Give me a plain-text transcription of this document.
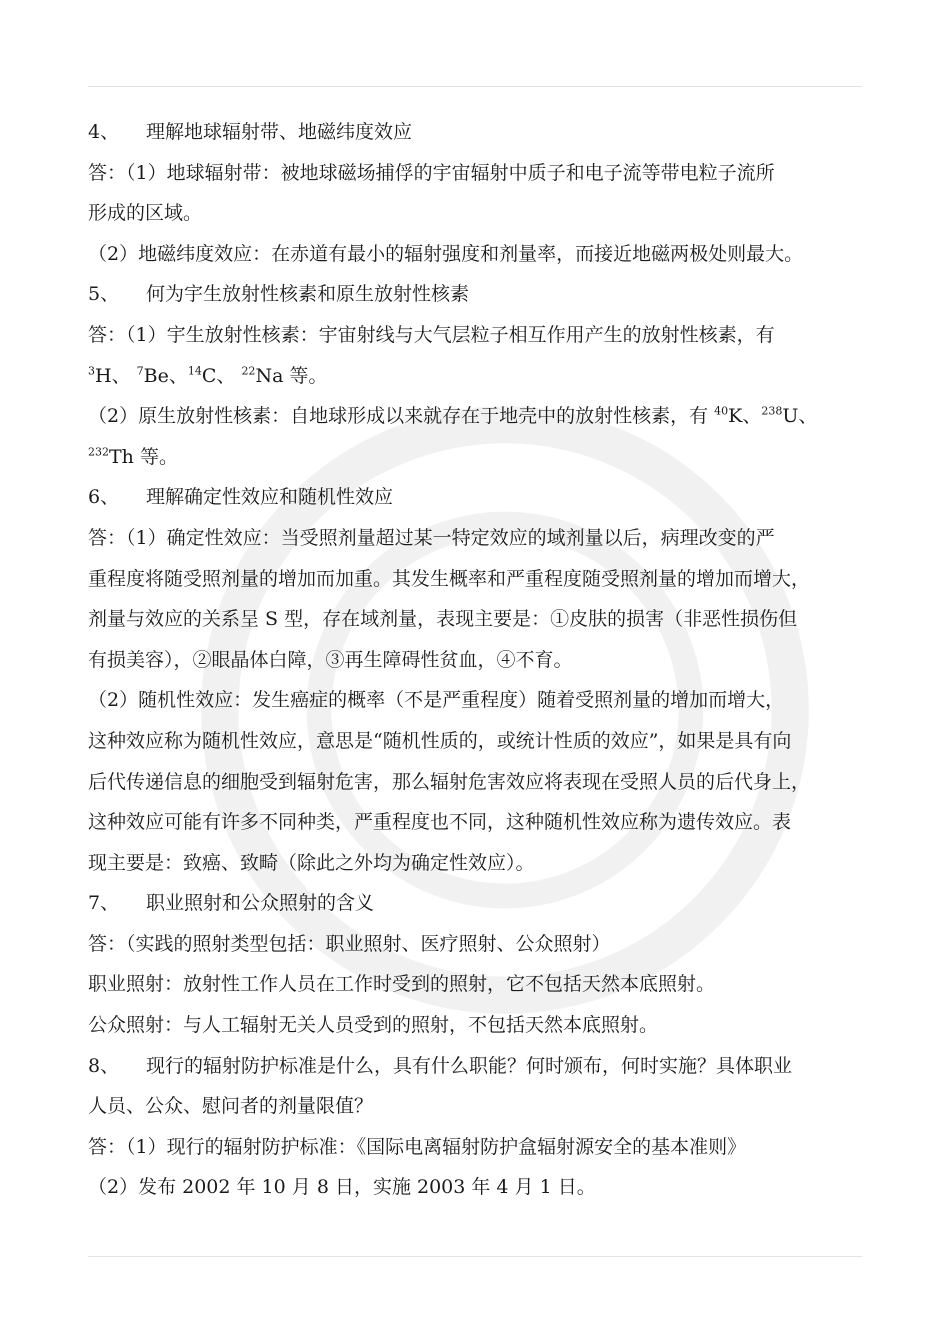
4、 理解地球辐射带、地磁纬度效应
答：（1）地球辐射带：被地球磁场捕俘的宇宙辐射中质子和电子流等带电粒子流所
形成的区域。
（2）地磁纬度效应：在赤道有最小的辐射强度和剂量率，而接近地磁两极处则最大。
5、 何为宇生放射性核素和原生放射性核素
答：（1）宇生放射性核素：宇宙射线与大气层粒子相互作用产生的放射性核素，有
$^3$H、 $^7$Be、$^{14}$C、 $^{22}$Na 等。
（2）原生放射性核素：自地球形成以来就存在于地壳中的放射性核素，有 $^{40}$K、$^{238}$U、
$^{232}$Th 等。
6、 理解确定性效应和随机性效应
答：（1）确定性效应：当受照剂量超过某一特定效应的域剂量以后，病理改变的严
重程度将随受照剂量的增加而加重。其发生概率和严重程度随受照剂量的增加而增大，
剂量与效应的关系呈 S 型，存在域剂量，表现主要是：①皮肤的损害（非恶性损伤但
有损美容），②眼晶体白障，③再生障碍性贫血，④不育。
（2）随机性效应：发生癌症的概率（不是严重程度）随着受照剂量的增加而增大，
这种效应称为随机性效应，意思是“随机性质的，或统计性质的效应”，如果是具有向
后代传递信息的细胞受到辐射危害，那么辐射危害效应将表现在受照人员的后代身上，
这种效应可能有许多不同种类，严重程度也不同，这种随机性效应称为遗传效应。表
现主要是：致癌、致畸（除此之外均为确定性效应）。
7、 职业照射和公众照射的含义
答：（实践的照射类型包括：职业照射、医疗照射、公众照射）
职业照射：放射性工作人员在工作时受到的照射，它不包括天然本底照射。
公众照射：与人工辐射无关人员受到的照射，不包括天然本底照射。
8、 现行的辐射防护标准是什么，具有什么职能？何时颁布，何时实施？具体职业
人员、公众、慰问者的剂量限值？
答：（1）现行的辐射防护标准：《国际电离辐射防护盒辐射源安全的基本准则》
（2）发布 2002 年 10 月 8 日，实施 2003 年 4 月 1 日。
